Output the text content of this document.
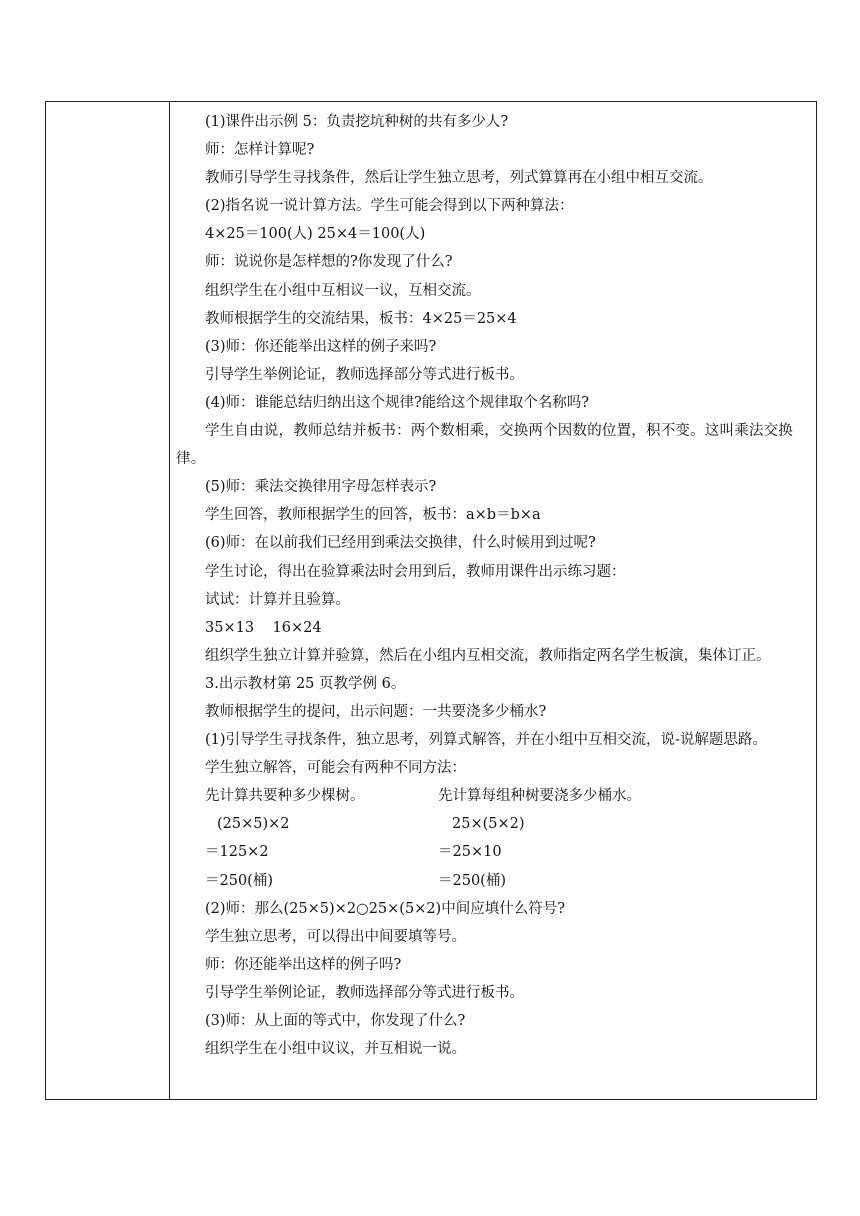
(1)课件出示例 5：负责挖坑种树的共有多少人?
师：怎样计算呢?
教师引导学生寻找条件，然后让学生独立思考，列式算算再在小组中相互交流。
(2)指名说一说计算方法。学生可能会得到以下两种算法：
4×25＝100(人) 25×4＝100(人)
师：说说你是怎样想的?你发现了什么?
组织学生在小组中互相议一议，互相交流。
教师根据学生的交流结果，板书：4×25＝25×4
(3)师：你还能举出这样的例子来吗?
引导学生举例论证，教师选择部分等式进行板书。
(4)师：谁能总结归纳出这个规律?能给这个规律取个名称吗?
学生自由说，教师总结并板书：两个数相乘，交换两个因数的位置，积不变。这叫乘法交换律。
(5)师：乘法交换律用字母怎样表示?
学生回答，教师根据学生的回答，板书：a×b＝b×a
(6)师：在以前我们已经用到乘法交换律，什么时候用到过呢?
学生讨论，得出在验算乘法时会用到后，教师用课件出示练习题：
试试：计算并且验算。
35×13    16×24
组织学生独立计算并验算，然后在小组内互相交流，教师指定两名学生板演，集体订正。
3.出示教材第 25 页教学例 6。
教师根据学生的提问，出示问题：一共要浇多少桶水?
(1)引导学生寻找条件，独立思考，列算式解答，并在小组中互相交流，说-说解题思路。
学生独立解答，可能会有两种不同方法：
先计算共要种多少棵树。	先计算每组种树要浇多少桶水。
(25×5)×2	25×(5×2)
＝125×2	＝25×10
＝250(桶)	＝250(桶)
(2)师：那么(25×5)×2○25×(5×2)中间应填什么符号?
学生独立思考，可以得出中间要填等号。
师：你还能举出这样的例子吗?
引导学生举例论证，教师选择部分等式进行板书。
(3)师：从上面的等式中，你发现了什么?
组织学生在小组中议议，并互相说一说。
